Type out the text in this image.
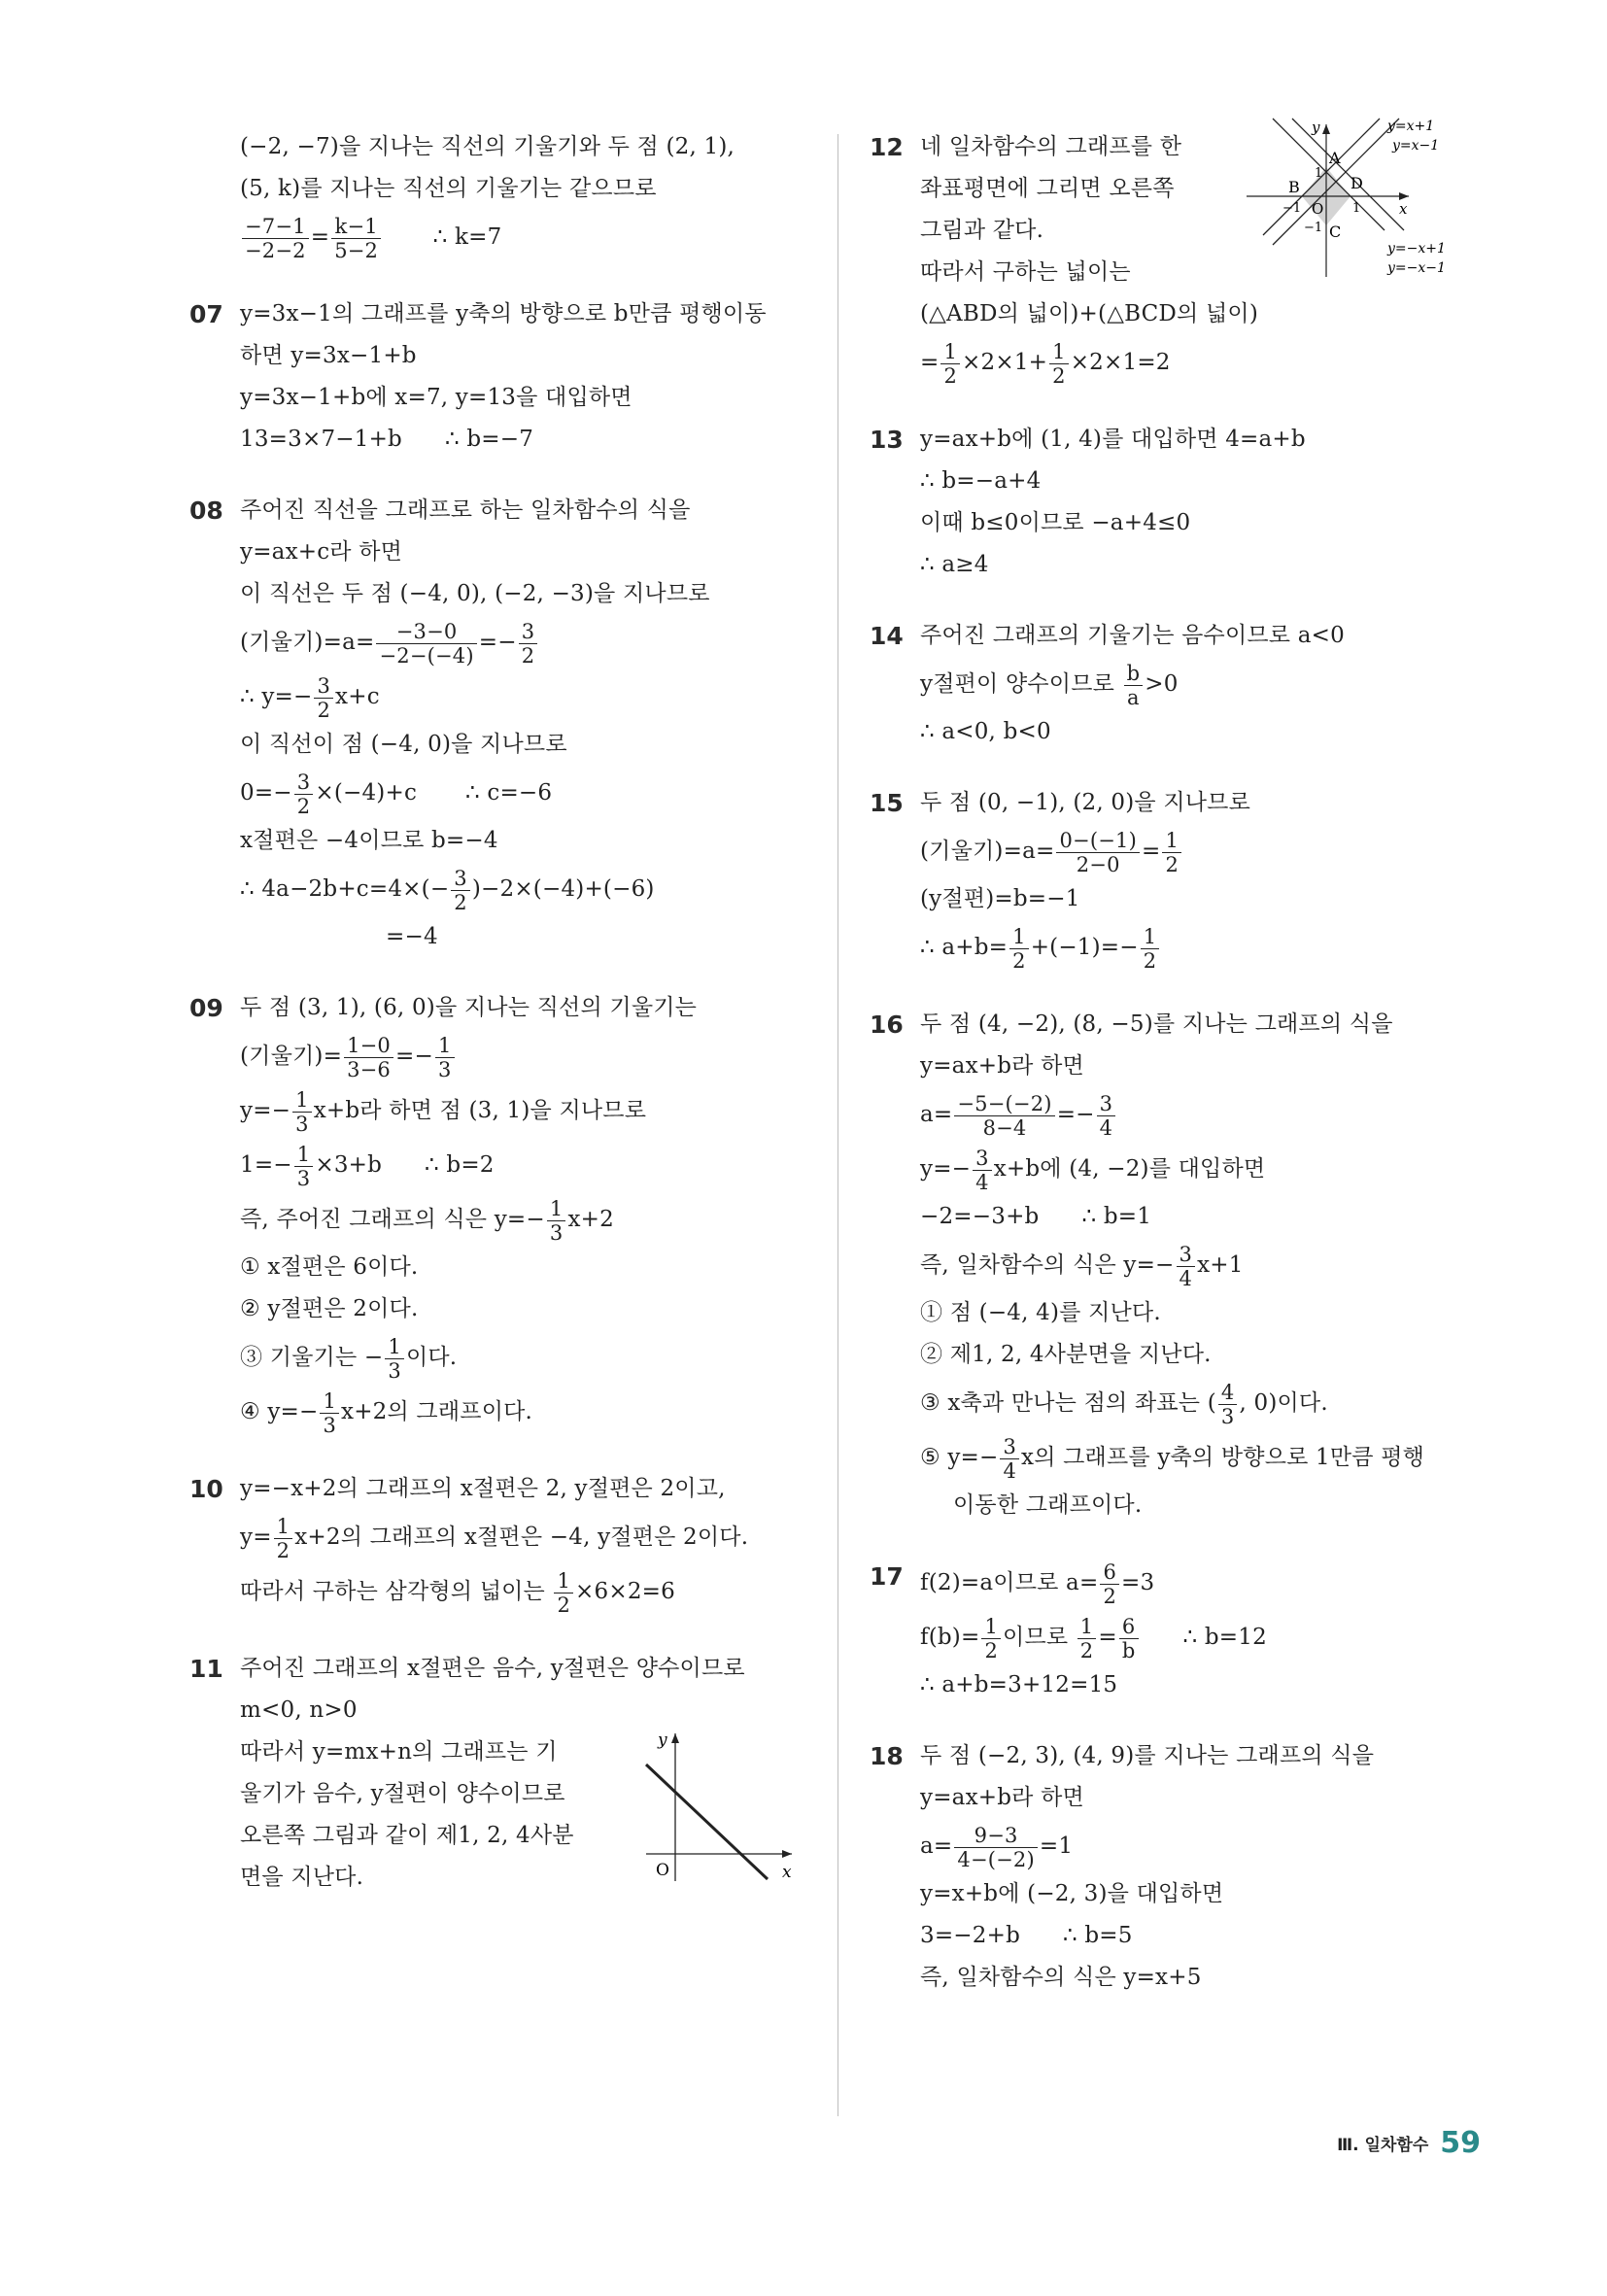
(−2, −7)을 지나는 직선의 기울기와 두 점 (2, 1),
(5, k)를 지나는 직선의 기울기는 같으므로
$\frac{-7-1}{-2-2} = \frac{k-1}{5-2}$ ∴ k=7
07 y=3x−1의 그래프를 y축의 방향으로 b만큼 평행이동
하면 y=3x−1+b
y=3x−1+b에 x=7, y=13을 대입하면
13=3×7−1+b ∴ b=−7
08 주어진 직선을 그래프로 하는 일차함수의 식을
y=ax+c라 하면
이 직선은 두 점 (−4, 0), (−2, −3)을 지나므로
(기울기)$=a= \frac{-3-0}{-2-(-4)} =- \frac{3}{2}$
∴ $y=- \frac{3}{2} x+c$
이 직선이 점 (−4, 0)을 지나므로
$0=- \frac{3}{2} \times(-4)+c$ ∴ c=−6
x절편은 −4이므로 b=−4
∴ $4a-2b+c=4\times(- \frac{3}{2} )-2\times(-4)+(-6)$
=−4
09 두 점 (3, 1), (6, 0)을 지나는 직선의 기울기는
(기울기)= $\frac{1-0}{3-6} =- \frac{1}{3}$
$y=- \frac{1}{3} x+b$라 하면 점 (3, 1)을 지나므로
$1=- \frac{1}{3} \times 3+b$ ∴ b=2
즉, 주어진 그래프의 식은 $y=- \frac{1}{3} x+2$
① x절편은 6이다.
② y절편은 2이다.
③ 기울기는 − $\frac{1}{3}$ 이다.
④ $y=- \frac{1}{3} x+2$의 그래프이다.
10 y=−x+2의 그래프의 x절편은 2, y절편은 2이고,
$y= \frac{1}{2} x+2$의 그래프의 x절편은 −4, y절편은 2이다.
따라서 구하는 삼각형의 넓이는 $\frac{1}{2} \times 6\times 2=6$
11 주어진 그래프의 x절편은 음수, y절편은 양수이므로
m<0, n>0
따라서 y=mx+n의 그래프는 기
울기가 음수, y절편이 양수이므로
오른쪽 그림과 같이 제1, 2, 4사분
면을 지난다.
y
x
O
12 네 일차함수의 그래프를 한
좌표평면에 그리면 오른쪽
그림과 같다.
따라서 구하는 넓이는
(△ABD의 넓이)+(△BCD의 넓이)
= $\frac{1}{2} \times 2\times 1+ \frac{1}{2} \times 2\times 1=2$
y
x
O
A
B
C
D
1
−1
1
−1
y=x+1
y=x−1
y=−x+1
y=−x−1
13 y=ax+b에 (1, 4)를 대입하면 4=a+b
∴ b=−a+4
이때 b≤0이므로 −a+4≤0
∴ a≥4
14 주어진 그래프의 기울기는 음수이므로 a<0
y절편이 양수이므로 $\frac{b}{a} >0$
∴ a<0, b<0
15 두 점 (0, −1), (2, 0)을 지나므로
(기울기)$=a= \frac{0-(-1)}{2-0} = \frac{1}{2}$
(y절편)=b=−1
∴ $a+b= \frac{1}{2} +(-1)=- \frac{1}{2}$
16 두 점 (4, −2), (8, −5)를 지나는 그래프의 식을
y=ax+b라 하면
$a= \frac{-5-(-2)}{8-4} =- \frac{3}{4}$
$y=- \frac{3}{4} x+b$에 (4, −2)를 대입하면
−2=−3+b ∴ b=1
즉, 일차함수의 식은 $y=- \frac{3}{4} x+1$
① 점 (−4, 4)를 지난다.
② 제1, 2, 4사분면을 지난다.
③ x축과 만나는 점의 좌표는 ( $\frac{4}{3}$ , 0)이다.
⑤ $y=- \frac{3}{4}$ x의 그래프를 y축의 방향으로 1만큼 평행
이동한 그래프이다.
17 f(2)=a이므로 $a= \frac{6}{2} =3$
$f(b)= \frac{1}{2}$ 이므로 $\frac{1}{2} = \frac{6}{b}$ ∴ b=12
∴ a+b=3+12=15
18 두 점 (−2, 3), (4, 9)를 지나는 그래프의 식을
y=ax+b라 하면
$a= \frac{9-3}{4-(-2)} =1$
y=x+b에 (−2, 3)을 대입하면
3=−2+b ∴ b=5
즉, 일차함수의 식은 y=x+5
Ⅲ. 일차함수 59
